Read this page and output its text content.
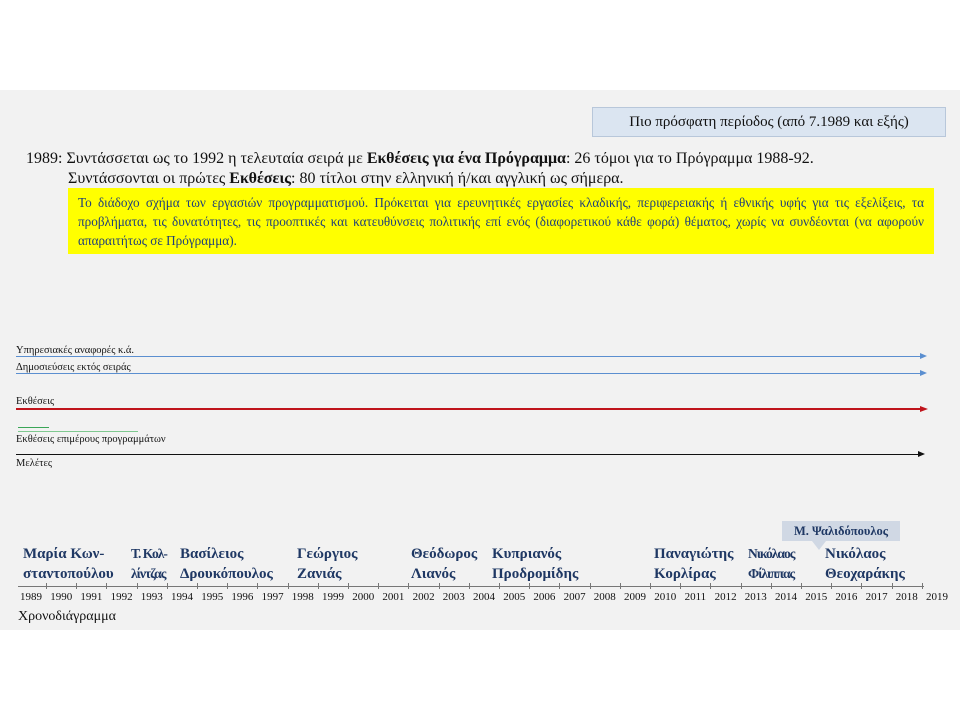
Πιο πρόσφατη περίοδος (από 7.1989 και εξής)
1989: Συντάσσεται ως το 1992 η τελευταία σειρά με Εκθέσεις για ένα Πρόγραμμα: 26 τόμοι για το Πρόγραμμα 1988-92.
Συντάσσονται οι πρώτες Εκθέσεις: 80 τίτλοι στην ελληνική ή/και αγγλική ως σήμερα.
Το διάδοχο σχήμα των εργασιών προγραμματισμού. Πρόκειται για ερευνητικές εργασίες κλαδικής, περιφερειακής ή εθνικής υφής για τις εξελίξεις, τα προβλήματα, τις δυνατότητες, τις προοπτικές και κατευθύνσεις πολιτικής επί ενός (διαφορετικού κάθε φορά) θέματος, χωρίς να συνδέονται (να αφορούν απαραιτήτως σε Πρόγραμμα).
Υπηρεσιακές αναφορές κ.ά.
Δημοσιεύσεις εκτός σειράς
Εκθέσεις
Εκθέσεις επιμέρους προγραμμάτων
Μελέτες
Μ. Ψαλιδόπουλος
Μαρία Κων-
σταντοπούλου
Τ. Κολ-
λίντζας
Βασίλειος
Δρουκόπουλος
Γεώργιος
Ζανιάς
Θεόδωρος
Λιανός
Κυπριανός
Προδρομίδης
Παναγιώτης
Κορλίρας
Νικόλαος
Φίλιππας
Νικόλαος
Θεοχαράκης
1989 1990 1991 1992 1993 1994 1995 1996 1997 1998 1999 2000 2001 2002 2003 2004 2005 2006 2007 2008 2009 2010 2011 2012 2013 2014 2015 2016 2017 2018 2019
Χρονοδιάγραμμα
